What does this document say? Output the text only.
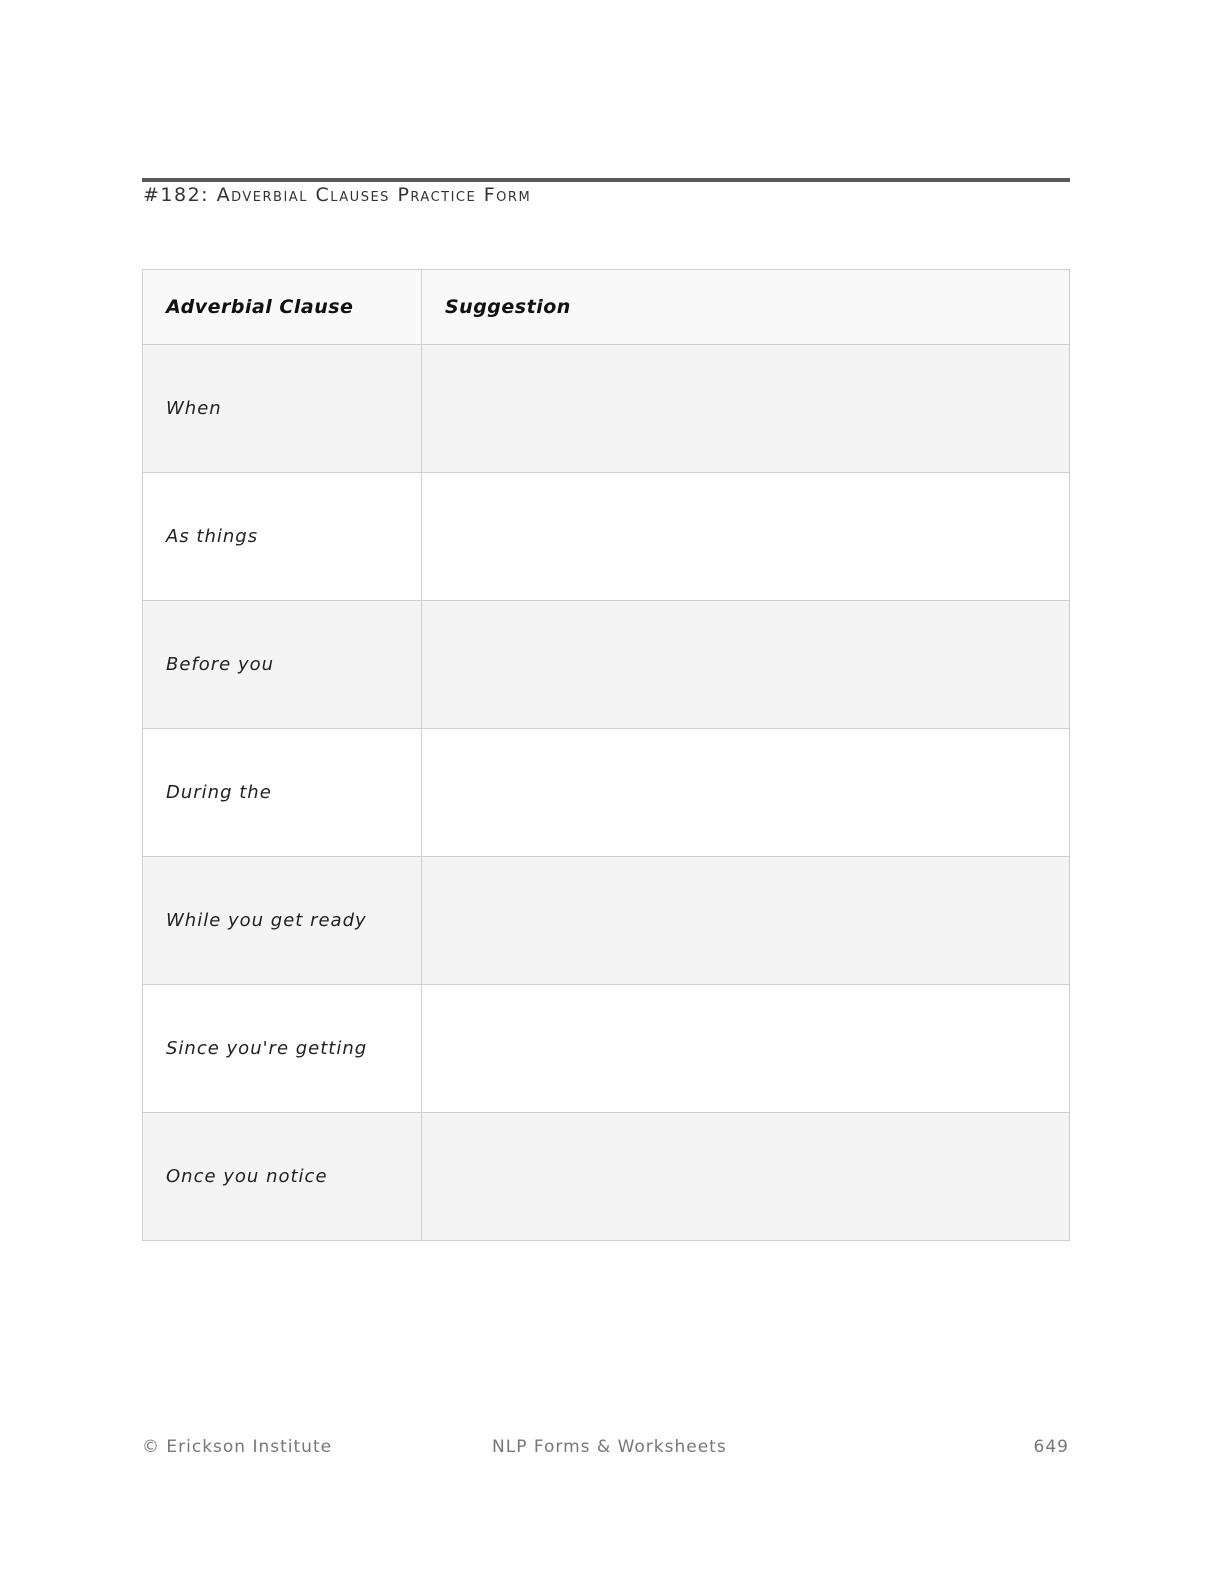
#182: Adverbial Clauses Practice Form
Adverbial Clause	Suggestion
When	
As things	
Before you	
During the	
While you get ready	
Since you're getting	
Once you notice	
© Erickson Institute	NLP Forms & Worksheets	649
